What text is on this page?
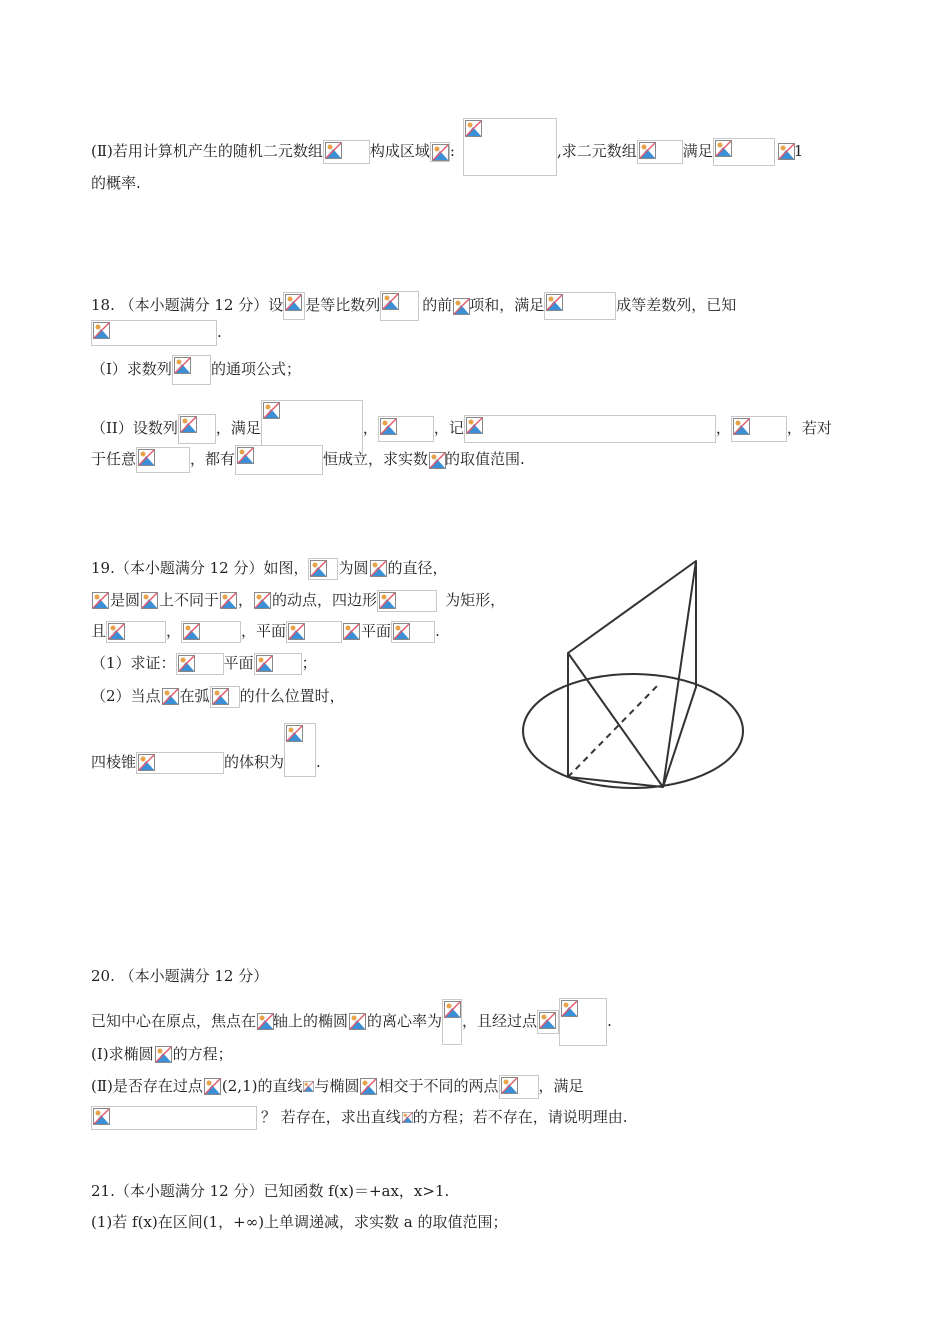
(Ⅱ)若用计算机产生的随机二元数组	构成区域 :	,求二元数组	满足	1
的概率.
18. （本小题满分 12 分）设 是等比数列	的前 项和，满足	成等差数列，已知
.
（I）求数列	的通项公式；
（II）设数列	，满足	，	，记	，	，若对
于任意	，都有	恒成立，求实数 的取值范围.
19.（本小题满分 12 分）如图， 为圆 的直径，
是圆 上不同于 ， 的动点，四边形	为矩形，
且	，	，平面	平面	.
（1）求证：	平面	；
（2）当点 在弧 的什么位置时，
四棱锥	的体积为 .
20. （本小题满分 12 分）
已知中心在原点，焦点在 轴上的椭圆 的离心率为 ，且经过点	.
(Ⅰ)求椭圆 的方程；
(Ⅱ)是否存在过点 (2,1)的直线 与椭圆 相交于不同的两点	，满足
？ 若存在，求出直线 的方程；若不存在，请说明理由.
21.（本小题满分 12 分）已知函数 f(x)＝+ax，x>1.
(1)若 f(x)在区间(1，+∞)上单调递减，求实数 a 的取值范围；
